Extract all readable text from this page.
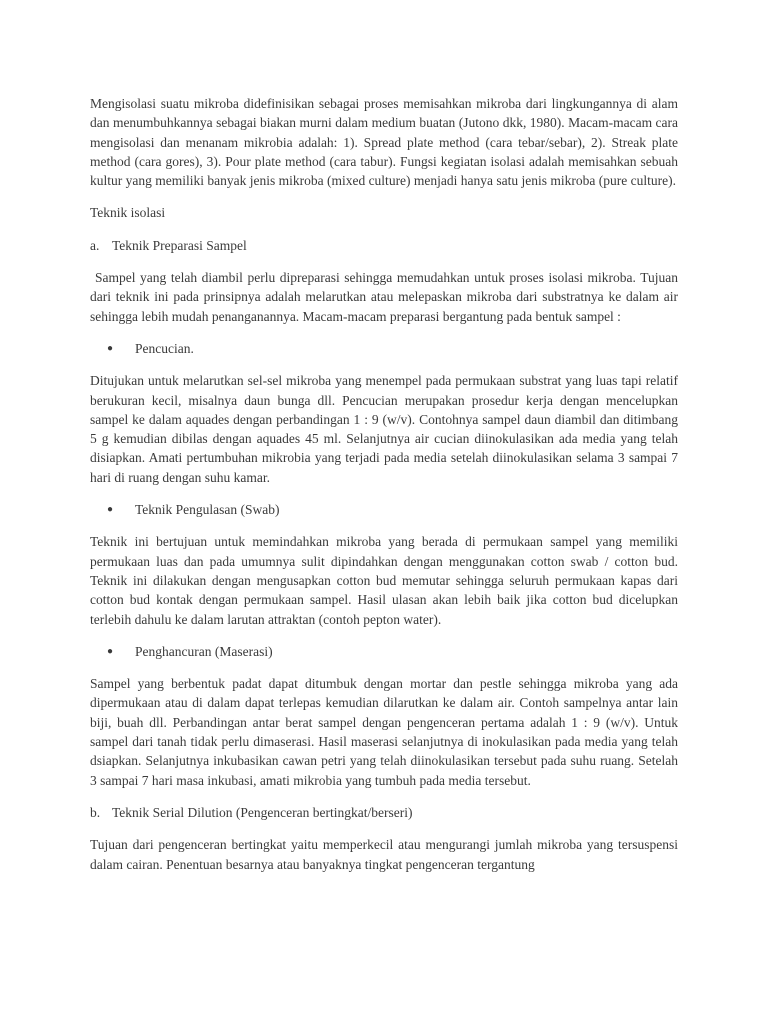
Mengisolasi suatu mikroba didefinisikan sebagai proses memisahkan mikroba dari lingkungannya di alam dan menumbuhkannya sebagai biakan murni dalam medium buatan (Jutono dkk, 1980). Macam-macam cara mengisolasi dan menanam mikrobia adalah: 1). Spread plate method (cara tebar/sebar), 2). Streak plate method (cara gores), 3). Pour plate method (cara tabur). Fungsi kegiatan isolasi adalah memisahkan sebuah kultur yang memiliki banyak jenis mikroba (mixed culture) menjadi hanya satu jenis mikroba (pure culture).

Teknik isolasi

a. Teknik Preparasi Sampel

Sampel yang telah diambil perlu dipreparasi sehingga memudahkan untuk proses isolasi mikroba. Tujuan dari teknik ini pada prinsipnya adalah melarutkan atau melepaskan mikroba dari substratnya ke dalam air sehingga lebih mudah penanganannya. Macam-macam preparasi bergantung pada bentuk sampel :

●	Pencucian.

Ditujukan untuk melarutkan sel-sel mikroba yang menempel pada permukaan substrat yang luas tapi relatif berukuran kecil, misalnya daun bunga dll. Pencucian merupakan prosedur kerja dengan mencelupkan sampel ke dalam aquades dengan perbandingan 1 : 9 (w/v). Contohnya sampel daun diambil dan ditimbang 5 g kemudian dibilas dengan aquades 45 ml. Selanjutnya air cucian diinokulasikan ada media yang telah disiapkan. Amati pertumbuhan mikrobia yang terjadi pada media setelah diinokulasikan selama 3 sampai 7 hari di ruang dengan suhu kamar.

●	Teknik Pengulasan (Swab)

Teknik ini bertujuan untuk memindahkan mikroba yang berada di permukaan sampel yang memiliki permukaan luas dan pada umumnya sulit dipindahkan dengan menggunakan cotton swab / cotton bud. Teknik ini dilakukan dengan mengusapkan cotton bud memutar sehingga seluruh permukaan kapas dari cotton bud kontak dengan permukaan sampel. Hasil ulasan akan lebih baik jika cotton bud dicelupkan terlebih dahulu ke dalam larutan attraktan (contoh pepton water).

●	Penghancuran (Maserasi)

Sampel yang berbentuk padat dapat ditumbuk dengan mortar dan pestle sehingga mikroba yang ada dipermukaan atau di dalam dapat terlepas kemudian dilarutkan ke dalam air. Contoh sampelnya antar lain biji, buah dll. Perbandingan antar berat sampel dengan pengenceran pertama adalah 1 : 9 (w/v). Untuk sampel dari tanah tidak perlu dimaserasi. Hasil maserasi selanjutnya di inokulasikan pada media yang telah dsiapkan. Selanjutnya inkubasikan cawan petri yang telah diinokulasikan tersebut pada suhu ruang. Setelah 3 sampai 7 hari masa inkubasi, amati mikrobia yang tumbuh pada media tersebut.

b. Teknik Serial Dilution (Pengenceran bertingkat/berseri)

Tujuan dari pengenceran bertingkat yaitu memperkecil atau mengurangi jumlah mikroba yang tersuspensi dalam cairan. Penentuan besarnya atau banyaknya tingkat pengenceran tergantung
